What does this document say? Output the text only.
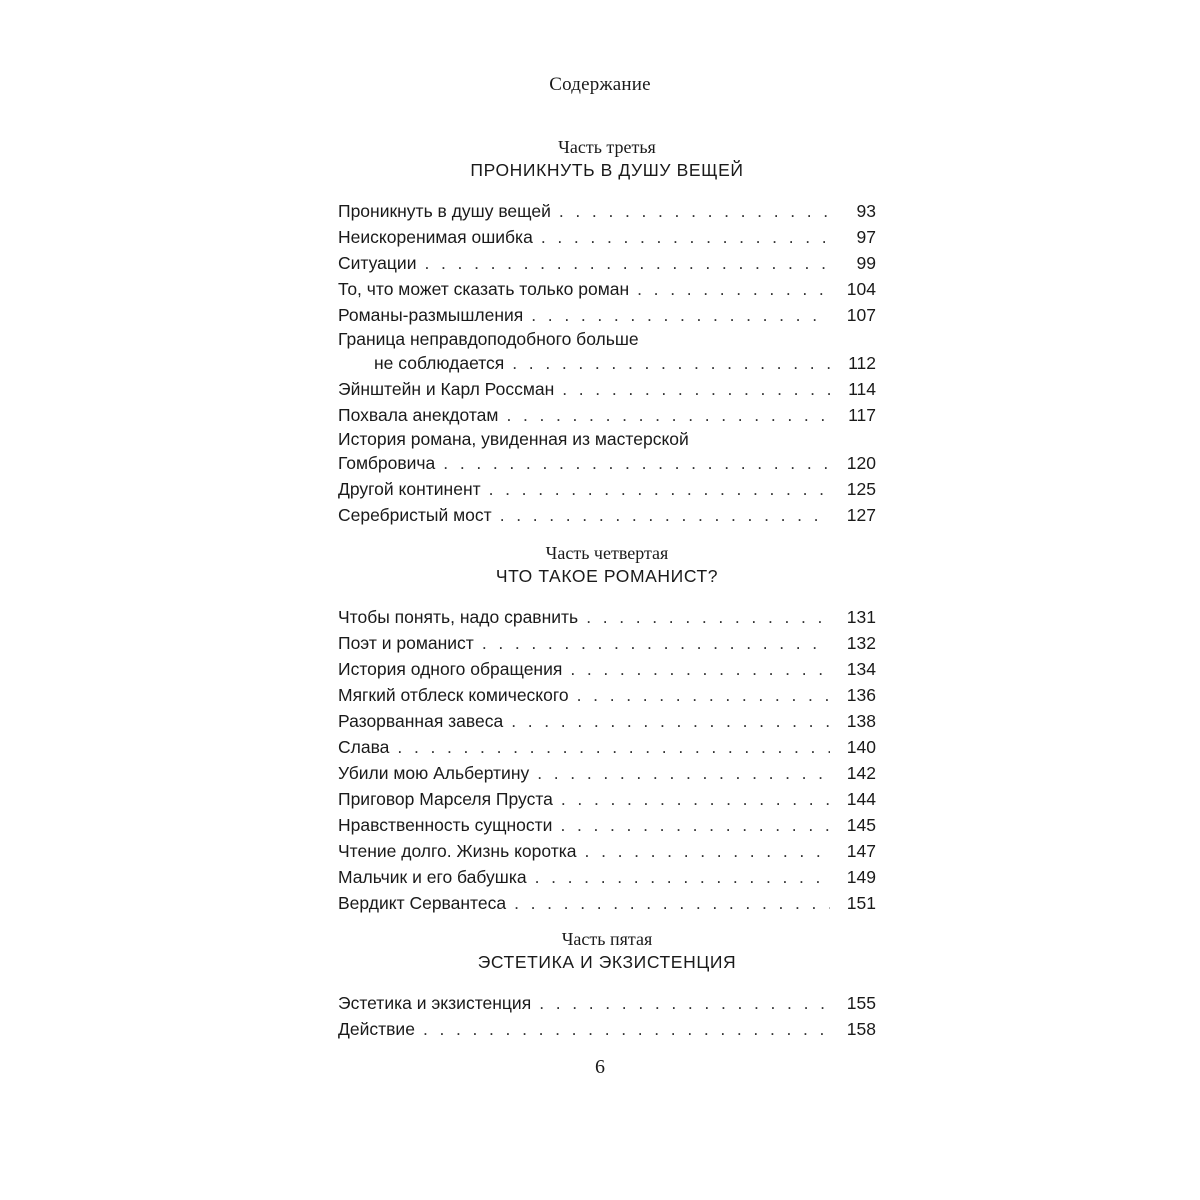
Содержание
Часть третья
ПРОНИКНУТЬ В ДУШУ ВЕЩЕЙ
Проникнуть в душу вещей . . .	93
Неискоренимая ошибка . . .	97
Ситуации . . .	99
То, что может сказать только роман . . .	104
Романы-размышления . . .	107
Граница неправдоподобного больше
не соблюдается . . .	112
Эйнштейн и Карл Россман . . .	114
Похвала анекдотам . . .	117
История романа, увиденная из мастерской
Гомбровича . . .	120
Другой континент . . .	125
Серебристый мост . . .	127
Часть четвертая
ЧТО ТАКОЕ РОМАНИСТ?
Чтобы понять, надо сравнить . . .	131
Поэт и романист . . .	132
История одного обращения . . .	134
Мягкий отблеск комического . . .	136
Разорванная завеса . . .	138
Слава . . .	140
Убили мою Альбертину . . .	142
Приговор Марселя Пруста . . .	144
Нравственность сущности . . .	145
Чтение долго. Жизнь коротка . . .	147
Мальчик и его бабушка . . .	149
Вердикт Сервантеса . . .	151
Часть пятая
ЭСТЕТИКА И ЭКЗИСТЕНЦИЯ
Эстетика и экзистенция . . .	155
Действие . . .	158
6
